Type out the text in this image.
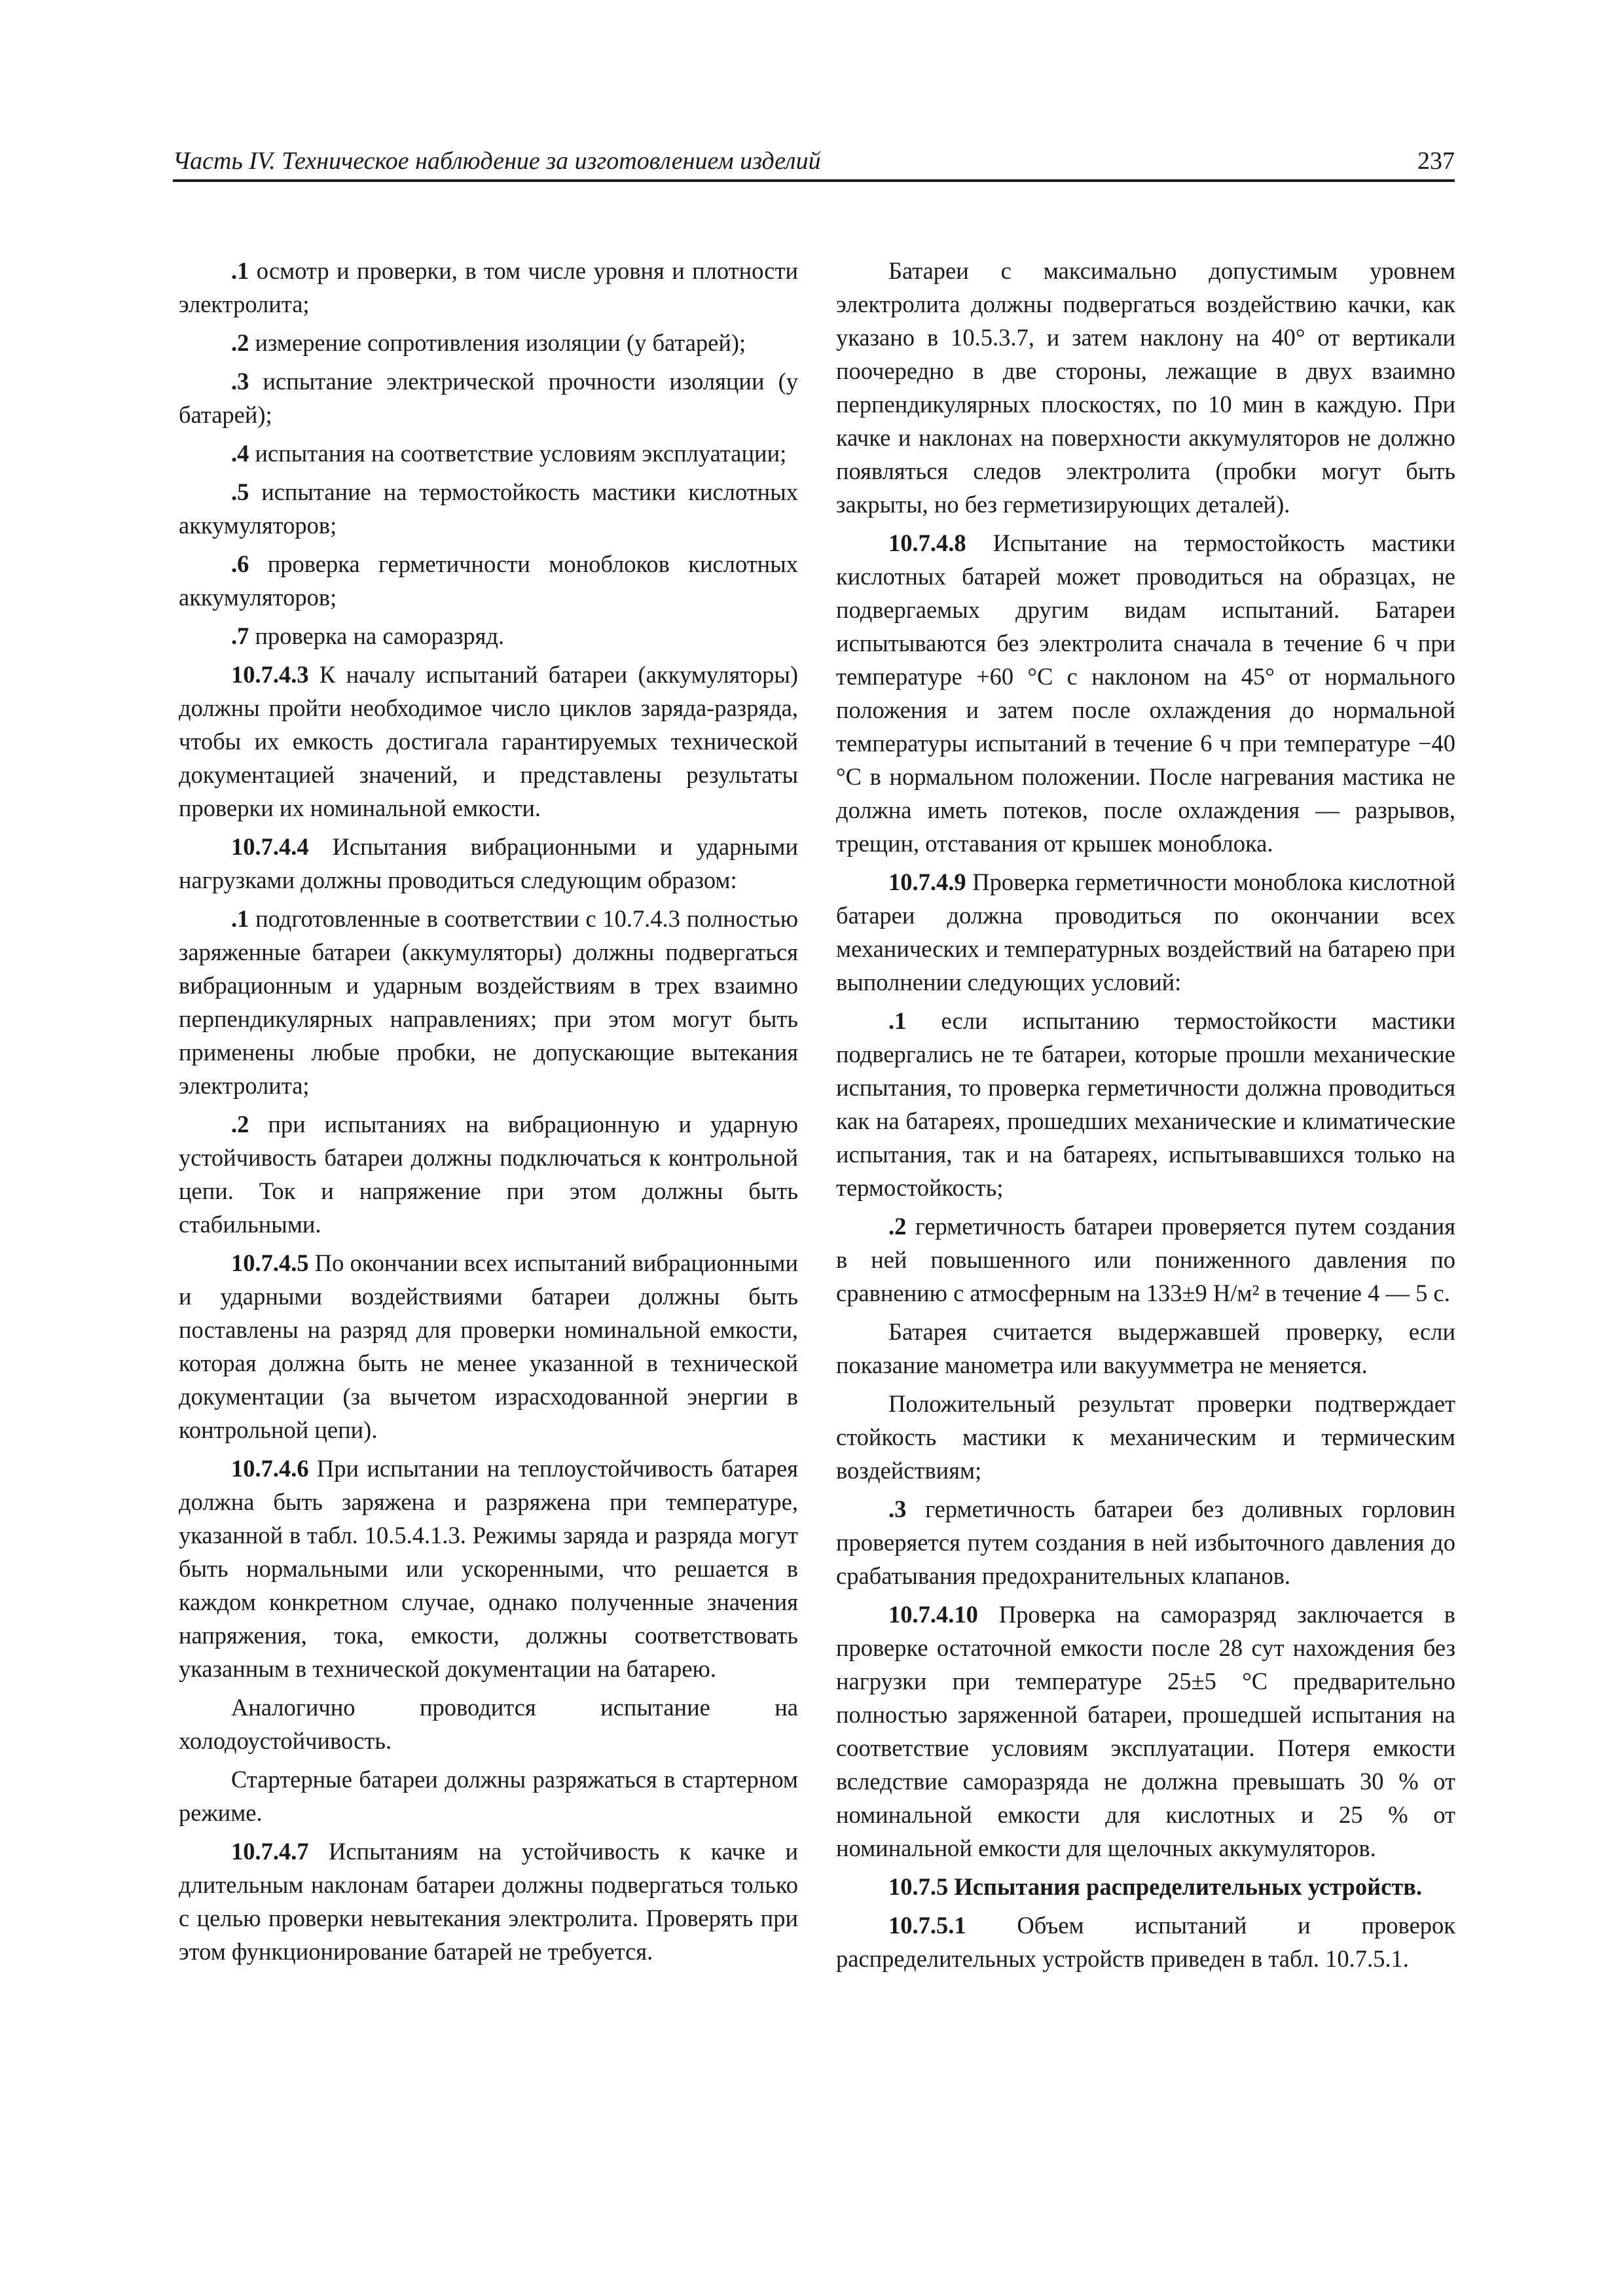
Часть IV. Техническое наблюдение за изготовлением изделий	237

.1 осмотр и проверки, в том числе уровня и плотности электролита;

.2 измерение сопротивления изоляции (у батарей);

.3 испытание электрической прочности изоляции (у батарей);

.4 испытания на соответствие условиям эксплуатации;

.5 испытание на термостойкость мастики кислотных аккумуляторов;

.6 проверка герметичности моноблоков кислотных аккумуляторов;

.7 проверка на саморазряд.

10.7.4.3 К началу испытаний батареи (аккумуляторы) должны пройти необходимое число циклов заряда-разряда, чтобы их емкость достигала гарантируемых технической документацией значений, и представлены результаты проверки их номинальной емкости.

10.7.4.4 Испытания вибрационными и ударными нагрузками должны проводиться следующим образом:

.1 подготовленные в соответствии с 10.7.4.3 полностью заряженные батареи (аккумуляторы) должны подвергаться вибрационным и ударным воздействиям в трех взаимно перпендикулярных направлениях; при этом могут быть применены любые пробки, не допускающие вытекания электролита;

.2 при испытаниях на вибрационную и ударную устойчивость батареи должны подключаться к контрольной цепи. Ток и напряжение при этом должны быть стабильными.

10.7.4.5 По окончании всех испытаний вибрационными и ударными воздействиями батареи должны быть поставлены на разряд для проверки номинальной емкости, которая должна быть не менее указанной в технической документации (за вычетом израсходованной энергии в контрольной цепи).

10.7.4.6 При испытании на теплоустойчивость батарея должна быть заряжена и разряжена при температуре, указанной в табл. 10.5.4.1.3. Режимы заряда и разряда могут быть нормальными или ускоренными, что решается в каждом конкретном случае, однако полученные значения напряжения, тока, емкости, должны соответствовать указанным в технической документации на батарею.

Аналогично проводится испытание на холодоустойчивость.

Стартерные батареи должны разряжаться в стартерном режиме.

10.7.4.7 Испытаниям на устойчивость к качке и длительным наклонам батареи должны подвергаться только с целью проверки невытекания электролита. Проверять при этом функционирование батарей не требуется.

Батареи с максимально допустимым уровнем электролита должны подвергаться воздействию качки, как указано в 10.5.3.7, и затем наклону на 40° от вертикали поочередно в две стороны, лежащие в двух взаимно перпендикулярных плоскостях, по 10 мин в каждую. При качке и наклонах на поверхности аккумуляторов не должно появляться следов электролита (пробки могут быть закрыты, но без герметизирующих деталей).

10.7.4.8 Испытание на термостойкость мастики кислотных батарей может проводиться на образцах, не подвергаемых другим видам испытаний. Батареи испытываются без электролита сначала в течение 6 ч при температуре +60 °С с наклоном на 45° от нормального положения и затем после охлаждения до нормальной температуры испытаний в течение 6 ч при температуре −40 °С в нормальном положении. После нагревания мастика не должна иметь потеков, после охлаждения — разрывов, трещин, отставания от крышек моноблока.

10.7.4.9 Проверка герметичности моноблока кислотной батареи должна проводиться по окончании всех механических и температурных воздействий на батарею при выполнении следующих условий:

.1 если испытанию термостойкости мастики подвергались не те батареи, которые прошли механические испытания, то проверка герметичности должна проводиться как на батареях, прошедших механические и климатические испытания, так и на батареях, испытывавшихся только на термостойкость;

.2 герметичность батареи проверяется путем создания в ней повышенного или пониженного давления по сравнению с атмосферным на 133±9 Н/м² в течение 4 — 5 с.

Батарея считается выдержавшей проверку, если показание манометра или вакуумметра не меняется.

Положительный результат проверки подтверждает стойкость мастики к механическим и термическим воздействиям;

.3 герметичность батареи без доливных горловин проверяется путем создания в ней избыточного давления до срабатывания предохранительных клапанов.

10.7.4.10 Проверка на саморазряд заключается в проверке остаточной емкости после 28 сут нахождения без нагрузки при температуре 25±5 °С предварительно полностью заряженной батареи, прошедшей испытания на соответствие условиям эксплуатации. Потеря емкости вследствие саморазряда не должна превышать 30 % от номинальной емкости для кислотных и 25 % от номинальной емкости для щелочных аккумуляторов.

10.7.5 Испытания распределительных устройств.

10.7.5.1 Объем испытаний и проверок распределительных устройств приведен в табл. 10.7.5.1.
